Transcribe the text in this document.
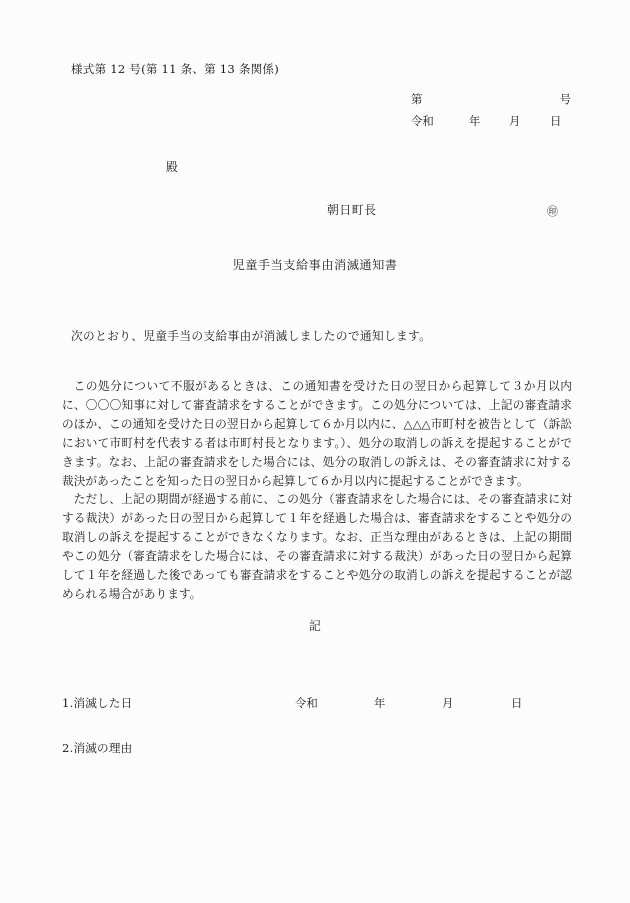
様式第 12 号(第 11 条、第 13 条関係)
第	号
令和	年	月	日
殿
朝日町長	㊞
児童手当支給事由消滅通知書
次のとおり、児童手当の支給事由が消滅しましたので通知します。

この処分について不服があるときは、この通知書を受けた日の翌日から起算して３か月以内に、〇〇〇知事に対して審査請求をすることができます。この処分については、上記の審査請求のほか、この通知を受けた日の翌日から起算して６か月以内に、△△△市町村を被告として（訴訟において市町村を代表する者は市町村長となります。）、処分の取消しの訴えを提起することができます。なお、上記の審査請求をした場合には、処分の取消しの訴えは、その審査請求に対する裁決があったことを知った日の翌日から起算して６か月以内に提起することができます。

ただし、上記の期間が経過する前に、この処分（審査請求をした場合には、その審査請求に対する裁決）があった日の翌日から起算して１年を経過した場合は、審査請求をすることや処分の取消しの訴えを提起することができなくなります。なお、正当な理由があるときは、上記の期間やこの処分（審査請求をした場合には、その審査請求に対する裁決）があった日の翌日から起算して１年を経過した後であっても審査請求をすることや処分の取消しの訴えを提起することが認められる場合があります。

記
1.消滅した日	令和	年	月	日
2.消滅の理由
